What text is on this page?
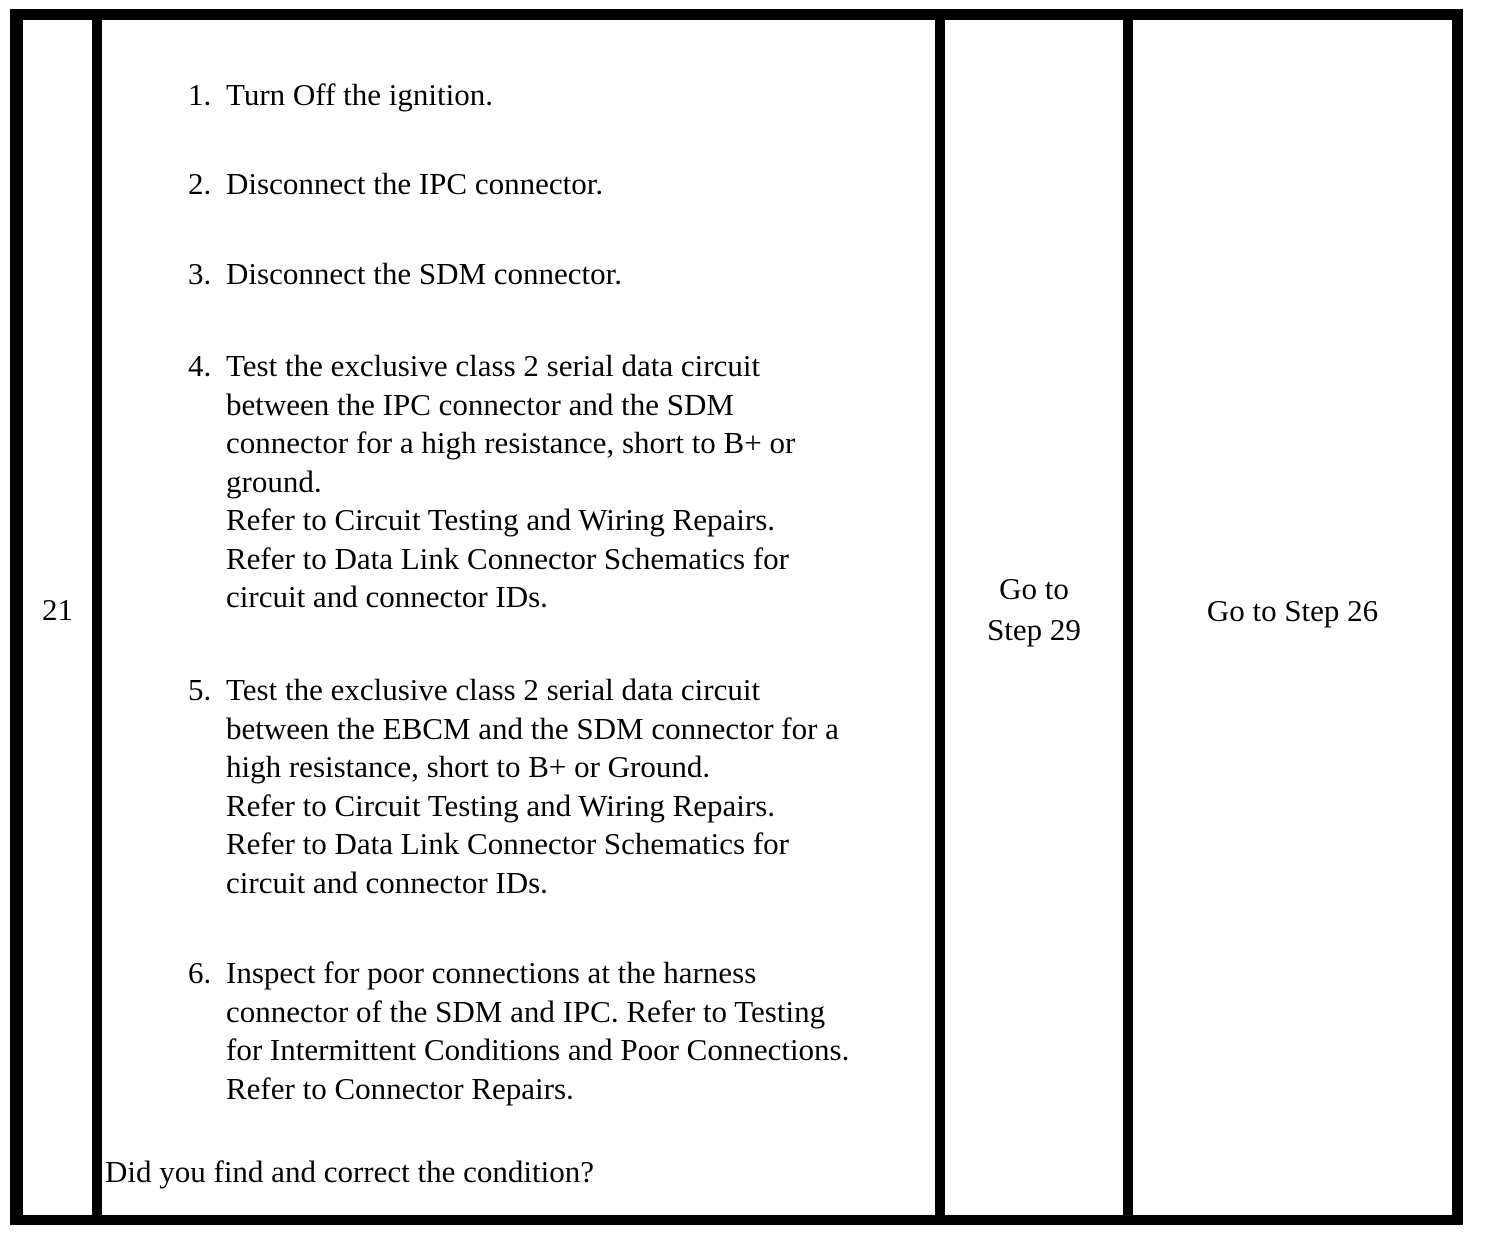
21
1. Turn Off the ignition.
2. Disconnect the IPC connector.
3. Disconnect the SDM connector.
4. Test the exclusive class 2 serial data circuit
between the IPC connector and the SDM
connector for a high resistance, short to B+ or
ground.
Refer to Circuit Testing and Wiring Repairs.
Refer to Data Link Connector Schematics for
circuit and connector IDs.
5. Test the exclusive class 2 serial data circuit
between the EBCM and the SDM connector for a
high resistance, short to B+ or Ground.
Refer to Circuit Testing and Wiring Repairs.
Refer to Data Link Connector Schematics for
circuit and connector IDs.
6. Inspect for poor connections at the harness
connector of the SDM and IPC. Refer to Testing
for Intermittent Conditions and Poor Connections.
Refer to Connector Repairs.
Did you find and correct the condition?
Go to
Step 29
Go to Step 26
